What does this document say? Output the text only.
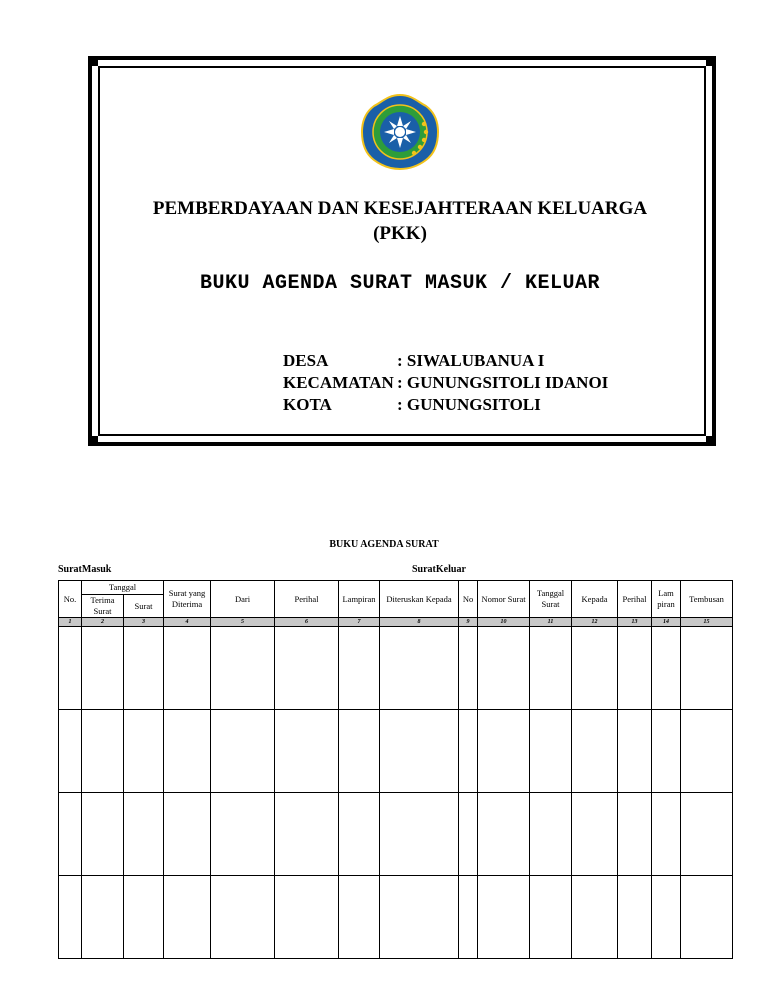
PEMBERDAYAAN DAN KESEJAHTERAAN KELUARGA
(PKK)
BUKU AGENDA SURAT MASUK / KELUAR
DESA	: SIWALUBANUA I
KECAMATAN : GUNUNGSITOLI IDANOI
KOTA	: GUNUNGSITOLI
BUKU AGENDA SURAT
SuratMasuk	SuratKeluar
No.	Tanggal		Surat yang Diterima	Dari	Perihal	Lampiran	Diteruskan Kepada	No	Nomor Surat	Tanggal Surat	Kepada	Perihal	Lam piran	Tembusan
	Terima Surat	Surat												
1	2	3	4	5	6	7	8	9	10	11	12	13	14	15
